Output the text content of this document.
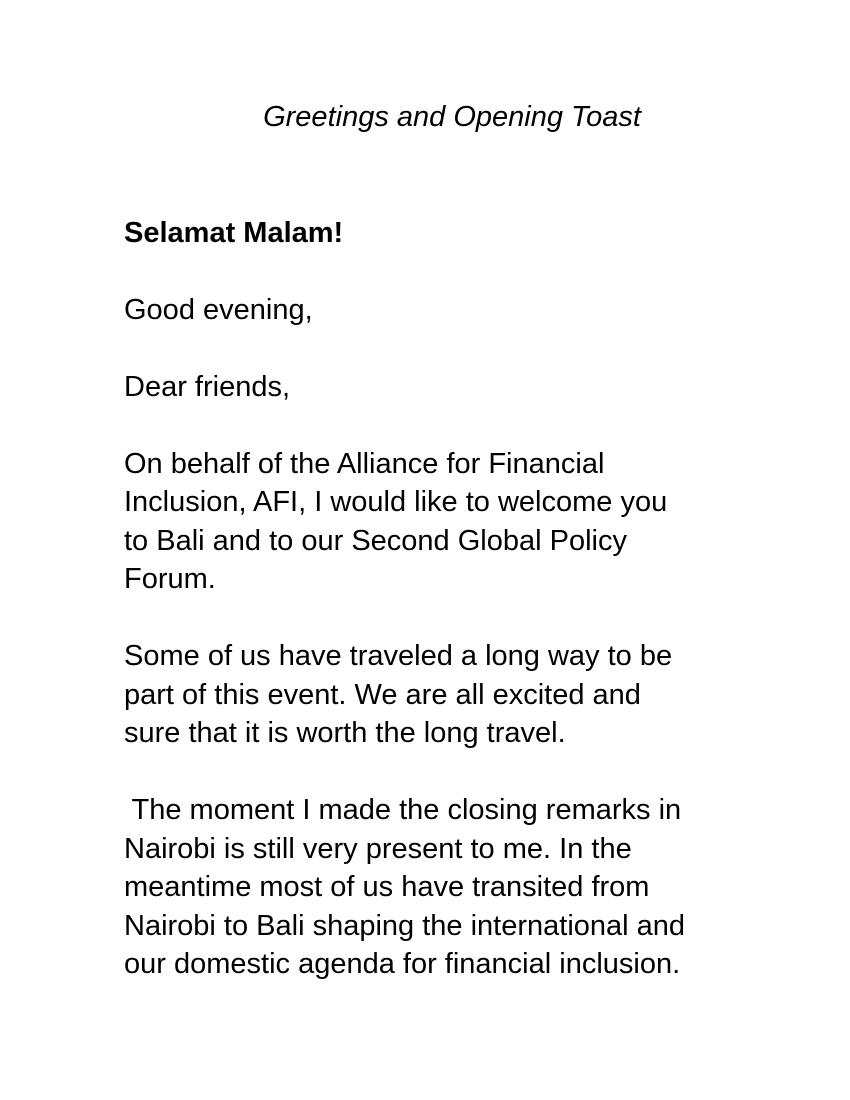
Greetings and Opening Toast
Selamat Malam!
Good evening,
Dear friends,
On behalf of the Alliance for Financial
Inclusion, AFI, I would like to welcome you
to Bali and to our Second Global Policy
Forum.
Some of us have traveled a long way to be
part of this event. We are all excited and
sure that it is worth the long travel.
The moment I made the closing remarks in
Nairobi is still very present to me. In the
meantime most of us have transited from
Nairobi to Bali shaping the international and
our domestic agenda for financial inclusion.
